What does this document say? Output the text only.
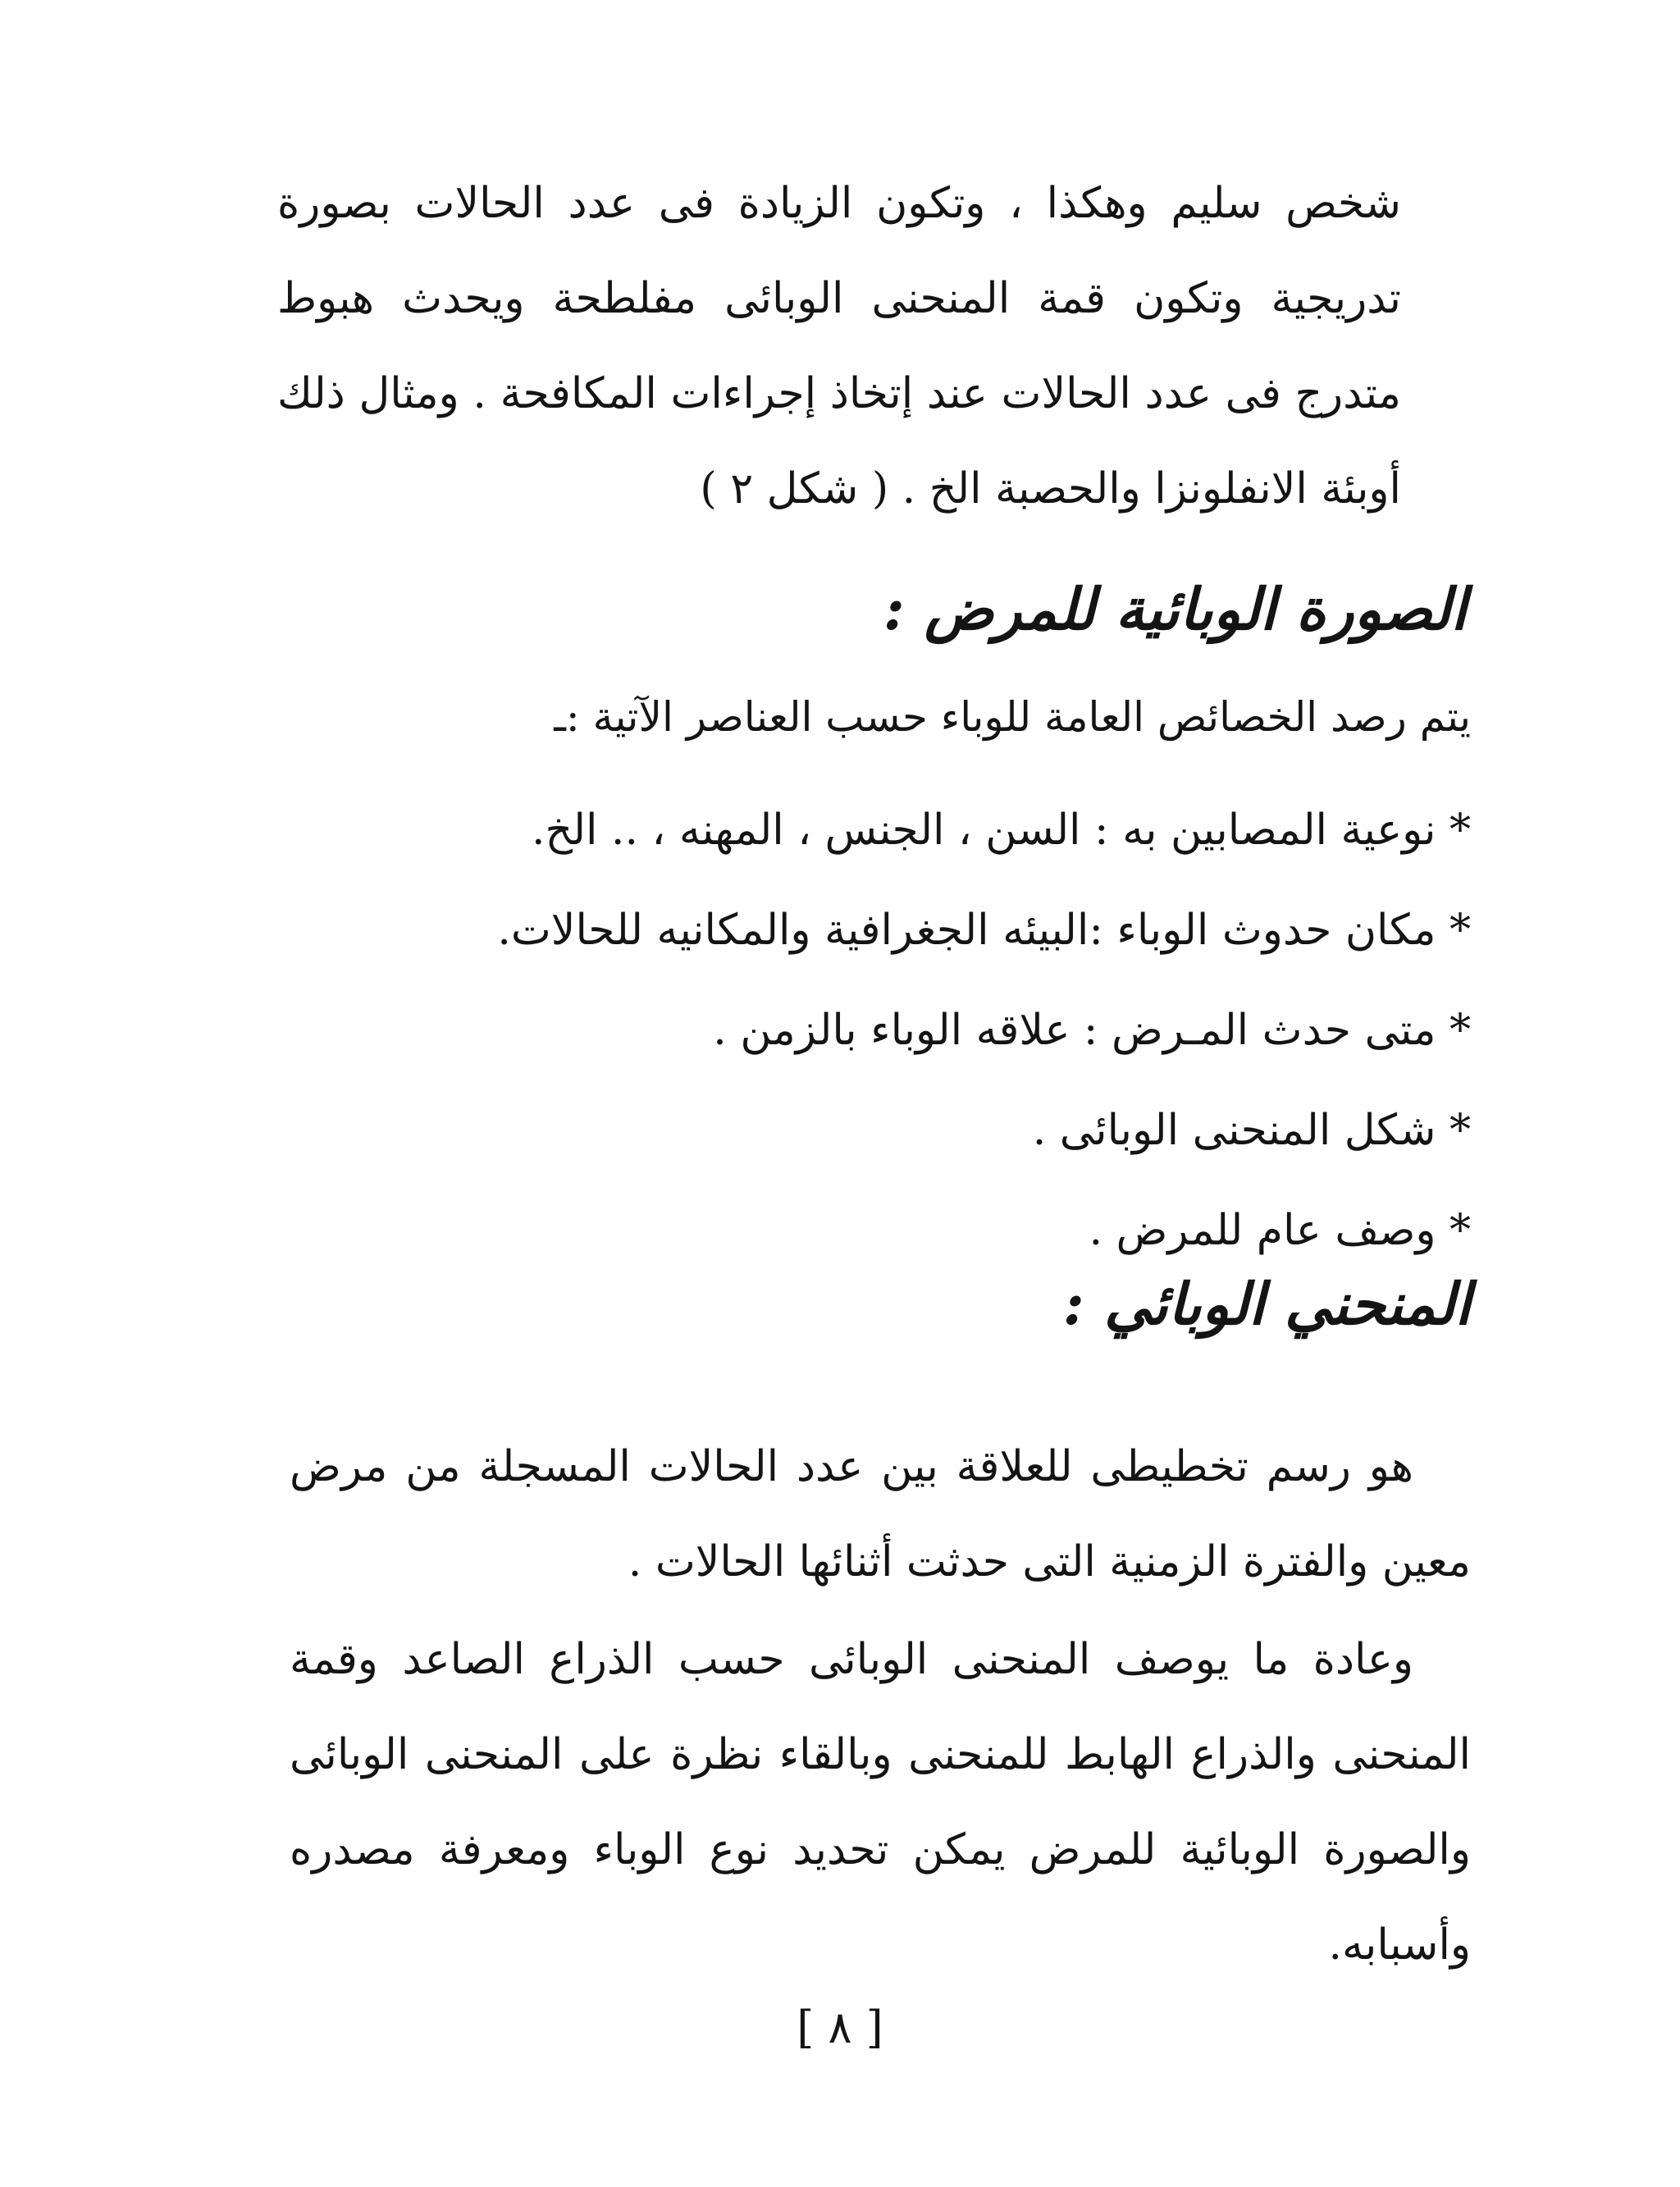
شخص سليم وهكذا ، وتكون الزيادة فى عدد الحالات بصورة تدريجية وتكون قمة المنحنى الوبائى مفلطحة ويحدث هبوط متدرج فى عدد الحالات عند إتخاذ إجراءات المكافحة . ومثال ذلك أوبئة الانفلونزا والحصبة الخ . ( شكل ٢ )

الصورة الوبائية للمرض :

يتم رصد الخصائص العامة للوباء حسب العناصر الآتية :ـ

* نوعية المصابين به : السن ، الجنس ، المهنه ، .. الخ.
* مكان حدوث الوباء :البيئه الجغرافية والمكانيه للحالات.
* متى حدث المـرض : علاقه الوباء بالزمن .
* شكل المنحنى الوبائى .
* وصف عام للمرض .
المنحني الوبائي :

هو رسم تخطيطى للعلاقة بين عدد الحالات المسجلة من مرض معين والفترة الزمنية التى حدثت أثنائها الحالات .

وعادة ما يوصف المنحنى الوبائى حسب الذراع الصاعد وقمة المنحنى والذراع الهابط للمنحنى وبالقاء نظرة على المنحنى الوبائى والصورة الوبائية للمرض يمكن تحديد نوع الوباء ومعرفة مصدره وأسبابه.

[ ٨ ]
